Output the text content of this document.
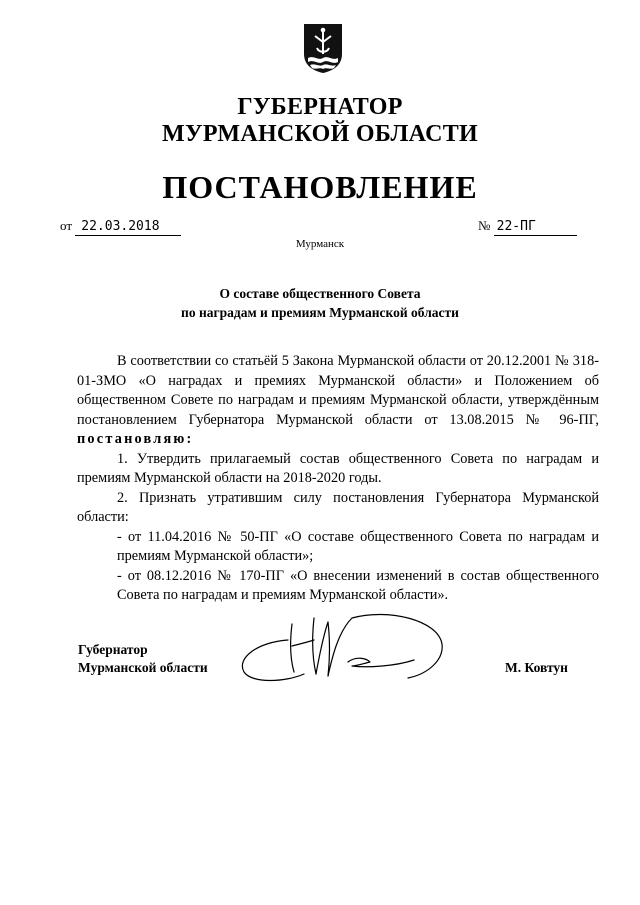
ГУБЕРНАТОР
МУРМАНСКОЙ ОБЛАСТИ
ПОСТАНОВЛЕНИЕ
от 22.03.2018	№ 22-ПГ
Мурманск
О составе общественного Совета
по наградам и премиям Мурманской области

В соответствии со статьёй 5 Закона Мурманской области от 20.12.2001 № 318-01-ЗМО «О наградах и премиях Мурманской области» и Положением об общественном Совете по наградам и премиям Мурманской области, утверждённым постановлением Губернатора Мурманской области от 13.08.2015 № 96-ПГ, постановляю:

1. Утвердить прилагаемый состав общественного Совета по наградам и премиям Мурманской области на 2018-2020 годы.

2. Признать утратившим силу постановления Губернатора Мурманской области:

- от 11.04.2016 № 50-ПГ «О составе общественного Совета по наградам и премиям Мурманской области»;

- от 08.12.2016 № 170-ПГ «О внесении изменений в состав общественного Совета по наградам и премиям Мурманской области».

Губернатор
Мурманской области	М. Ковтун
